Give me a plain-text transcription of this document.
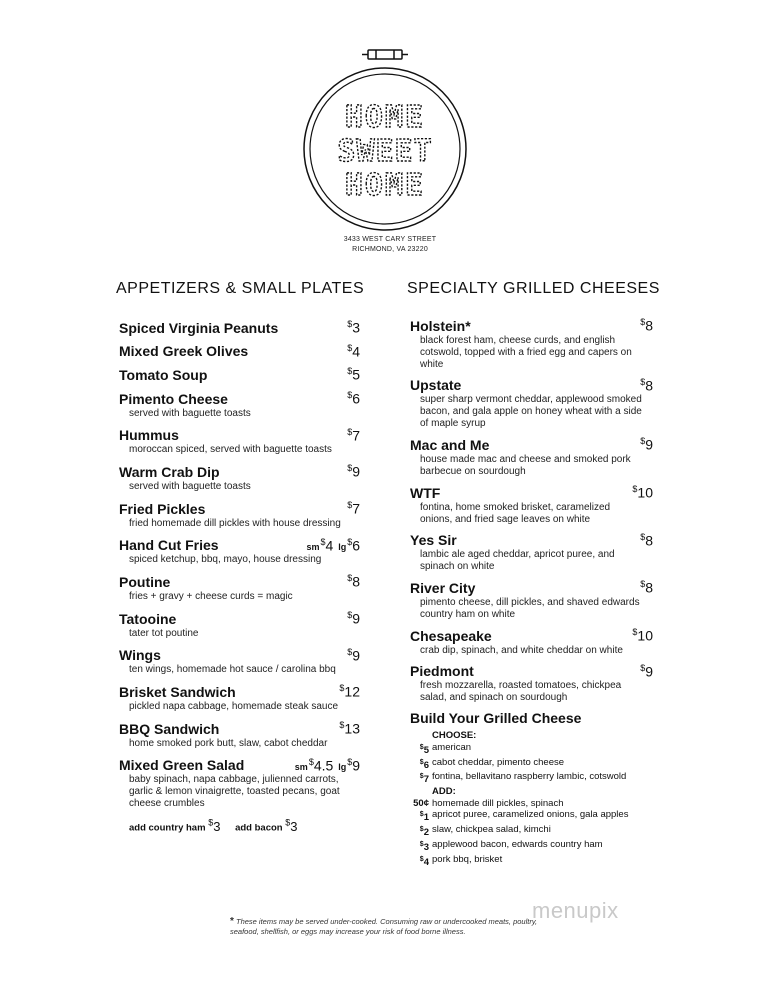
HOME
SWEET
HOME
3433 WEST CARY STREET
RICHMOND, VA 23220
APPETIZERS & SMALL PLATES
Spiced Virginia Peanuts	$3
Mixed Greek Olives	$4
Tomato Soup	$5
Pimento Cheese	$6
served with baguette toasts
Hummus	$7
moroccan spiced, served with baguette toasts
Warm Crab Dip	$9
served with baguette toasts
Fried Pickles	$7
fried homemade dill pickles with house dressing
Hand Cut Fries	sm$4 lg$6
spiced ketchup, bbq, mayo, house dressing
Poutine	$8
fries + gravy + cheese curds = magic
Tatooine	$9
tater tot poutine
Wings	$9
ten wings, homemade hot sauce / carolina bbq
Brisket Sandwich	$12
pickled napa cabbage, homemade steak sauce
BBQ Sandwich	$13
home smoked pork butt, slaw, cabot cheddar
Mixed Green Salad	sm$4.5 lg$9
baby spinach, napa cabbage, julienned carrots, garlic & lemon vinaigrette, toasted pecans, goat cheese crumbles
add country ham $3 add bacon $3
SPECIALTY GRILLED CHEESES
Holstein*	$8
black forest ham, cheese curds, and english cotswold, topped with a fried egg and capers on white
Upstate	$8
super sharp vermont cheddar, applewood smoked bacon, and gala apple on honey wheat with a side of maple syrup
Mac and Me	$9
house made mac and cheese and smoked pork barbecue on sourdough
WTF	$10
fontina, home smoked brisket, caramelized onions, and fried sage leaves on white
Yes Sir	$8
lambic ale aged cheddar, apricot puree, and spinach on white
River City	$8
pimento cheese, dill pickles, and shaved edwards country ham on white
Chesapeake	$10
crab dip, spinach, and white cheddar on white
Piedmont	$9
fresh mozzarella, roasted tomatoes, chickpea salad, and spinach on sourdough
Build Your Grilled Cheese
CHOOSE:
$5 american
$6 cabot cheddar, pimento cheese
$7 fontina, bellavitano raspberry lambic, cotswold
ADD:
50¢ homemade dill pickles, spinach
$1 apricot puree, caramelized onions, gala apples
$2 slaw, chickpea salad, kimchi
$3 applewood bacon, edwards country ham
$4 pork bbq, brisket
* These items may be served under-cooked. Consuming raw or undercooked meats, poultry, seafood, shellfish, or eggs may increase your risk of food borne illness.
menupix
